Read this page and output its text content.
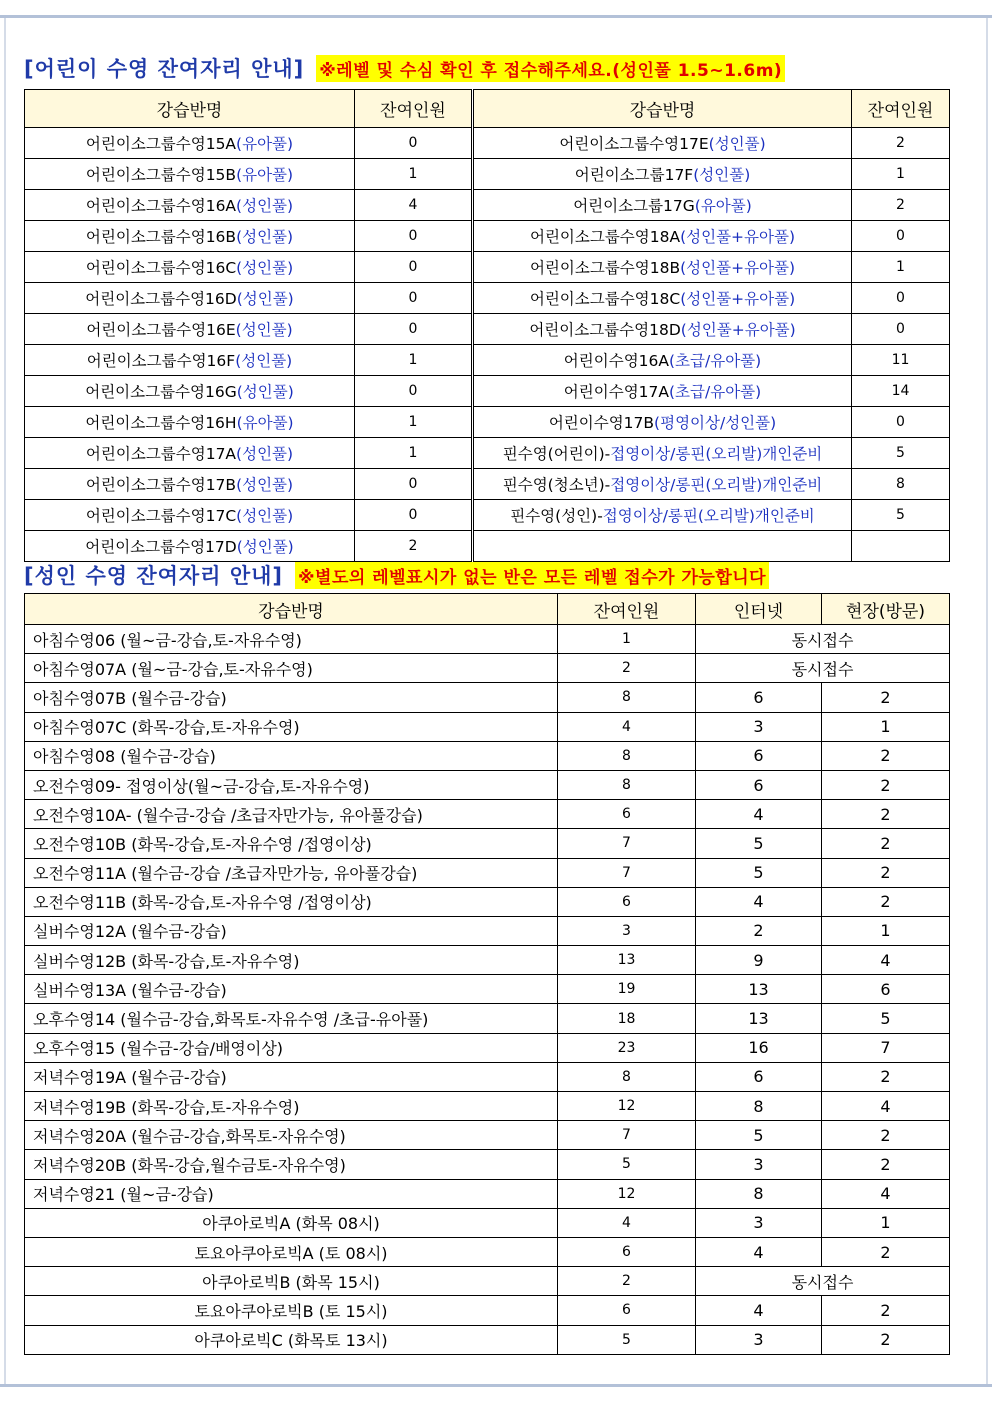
[어린이 수영 잔여자리 안내] ※레벨 및 수심 확인 후 접수해주세요.(성인풀 1.5~1.6m)
강습반명	잔여인원		강습반명	잔여인원
어린이소그룹수영15A(유아풀)	0		어린이소그룹수영17E(성인풀)	2
어린이소그룹수영15B(유아풀)	1		어린이소그룹17F(성인풀)	1
어린이소그룹수영16A(성인풀)	4		어린이소그룹17G(유아풀)	2
어린이소그룹수영16B(성인풀)	0		어린이소그룹수영18A(성인풀+유아풀)	0
어린이소그룹수영16C(성인풀)	0		어린이소그룹수영18B(성인풀+유아풀)	1
어린이소그룹수영16D(성인풀)	0		어린이소그룹수영18C(성인풀+유아풀)	0
어린이소그룹수영16E(성인풀)	0		어린이소그룹수영18D(성인풀+유아풀)	0
어린이소그룹수영16F(성인풀)	1		어린이수영16A(초급/유아풀)	11
어린이소그룹수영16G(성인풀)	0		어린이수영17A(초급/유아풀)	14
어린이소그룹수영16H(유아풀)	1		어린이수영17B(평영이상/성인풀)	0
어린이소그룹수영17A(성인풀)	1		핀수영(어린이)-접영이상/롱핀(오리발)개인준비	5
어린이소그룹수영17B(성인풀)	0		핀수영(청소년)-접영이상/롱핀(오리발)개인준비	8
어린이소그룹수영17C(성인풀)	0		핀수영(성인)-접영이상/롱핀(오리발)개인준비	5
어린이소그룹수영17D(성인풀)	2			
[성인 수영 잔여자리 안내] ※별도의 레벨표시가 없는 반은 모든 레벨 접수가 가능합니다
강습반명	잔여인원	인터넷	현장(방문)
아침수영06 (월~금-강습,토-자유수영)	1	동시접수	
아침수영07A (월~금-강습,토-자유수영)	2	동시접수	
아침수영07B (월수금-강습)	8	6	2
아침수영07C (화목-강습,토-자유수영)	4	3	1
아침수영08 (월수금-강습)	8	6	2
오전수영09- 접영이상(월~금-강습,토-자유수영)	8	6	2
오전수영10A- (월수금-강습 /초급자만가능, 유아풀강습)	6	4	2
오전수영10B (화목-강습,토-자유수영 /접영이상)	7	5	2
오전수영11A (월수금-강습 /초급자만가능, 유아풀강습)	7	5	2
오전수영11B (화목-강습,토-자유수영 /접영이상)	6	4	2
실버수영12A (월수금-강습)	3	2	1
실버수영12B (화목-강습,토-자유수영)	13	9	4
실버수영13A (월수금-강습)	19	13	6
오후수영14 (월수금-강습,화목토-자유수영 /초급-유아풀)	18	13	5
오후수영15 (월수금-강습/배영이상)	23	16	7
저녁수영19A (월수금-강습)	8	6	2
저녁수영19B (화목-강습,토-자유수영)	12	8	4
저녁수영20A (월수금-강습,화목토-자유수영)	7	5	2
저녁수영20B (화목-강습,월수금토-자유수영)	5	3	2
저녁수영21 (월~금-강습)	12	8	4
아쿠아로빅A (화목 08시)	4	3	1
토요아쿠아로빅A (토 08시)	6	4	2
아쿠아로빅B (화목 15시)	2	동시접수	
토요아쿠아로빅B (토 15시)	6	4	2
아쿠아로빅C (화목토 13시)	5	3	2
